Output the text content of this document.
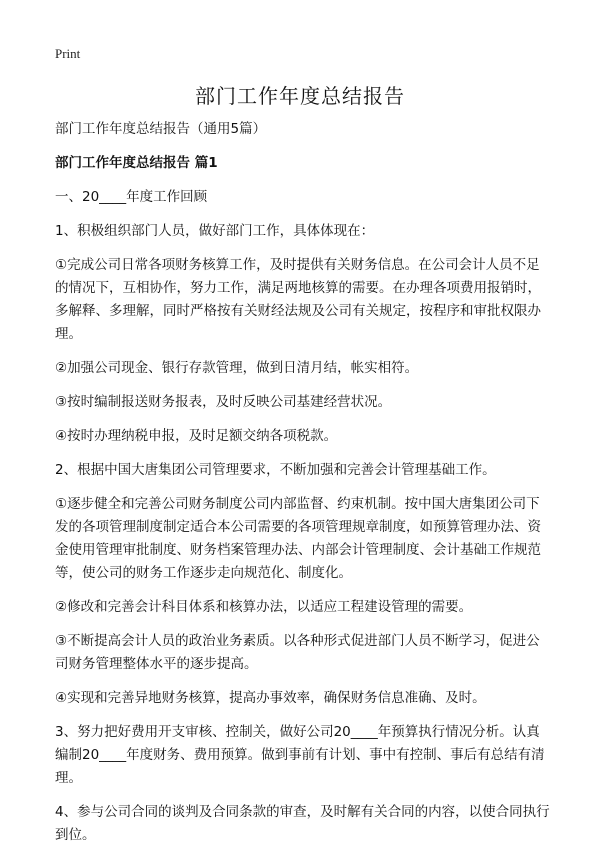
Print
部门工作年度总结报告

部门工作年度总结报告（通用5篇）

部门工作年度总结报告 篇1

一、20____年度工作回顾

1、积极组织部门人员，做好部门工作，具体体现在：

①完成公司日常各项财务核算工作，及时提供有关财务信息。在公司会计人员不足的情况下，互相协作，努力工作，满足两地核算的需要。在办理各项费用报销时，多解释、多理解，同时严格按有关财经法规及公司有关规定，按程序和审批权限办理。

②加强公司现金、银行存款管理，做到日清月结，帐实相符。

③按时编制报送财务报表，及时反映公司基建经营状况。

④按时办理纳税申报，及时足额交纳各项税款。

2、根据中国大唐集团公司管理要求，不断加强和完善会计管理基础工作。

①逐步健全和完善公司财务制度公司内部监督、约束机制。按中国大唐集团公司下发的各项管理制度制定适合本公司需要的各项管理规章制度，如预算管理办法、资金使用管理审批制度、财务档案管理办法、内部会计管理制度、会计基础工作规范等，使公司的财务工作逐步走向规范化、制度化。

②修改和完善会计科目体系和核算办法，以适应工程建设管理的需要。

③不断提高会计人员的政治业务素质。以各种形式促进部门人员不断学习，促进公司财务管理整体水平的逐步提高。

④实现和完善异地财务核算，提高办事效率，确保财务信息准确、及时。

3、努力把好费用开支审核、控制关，做好公司20____年预算执行情况分析。认真编制20____年度财务、费用预算。做到事前有计划、事中有控制、事后有总结有清理。

4、参与公司合同的谈判及合同条款的审查，及时解有关合同的内容，以使合同执行到位。
